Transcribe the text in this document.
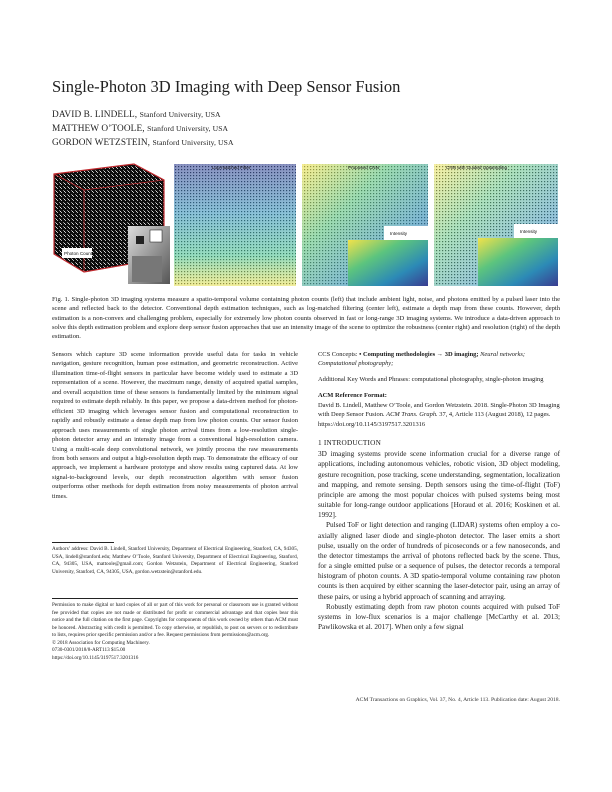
Single-Photon 3D Imaging with Deep Sensor Fusion
DAVID B. LINDELL, Stanford University, USA
MATTHEW O’TOOLE, Stanford University, USA
GORDON WETZSTEIN, Stanford University, USA
Photon Counts
Log-matched Filter
Intensity
Proposed CNN
Intensity
CNN with Guided Upsampling
Fig. 1. Single-photon 3D imaging systems measure a spatio-temporal volume containing photon counts (left) that include ambient light, noise, and photons emitted by a pulsed laser into the scene and reflected back to the detector. Conventional depth estimation techniques, such as log-matched filtering (center left), estimate a depth map from these counts. However, depth estimation is a non-convex and challenging problem, especially for extremely low photon counts observed in fast or long-range 3D imaging systems. We introduce a data-driven approach to solve this depth estimation problem and explore deep sensor fusion approaches that use an intensity image of the scene to optimize the robustness (center right) and resolution (right) of the depth estimation.
Sensors which capture 3D scene information provide useful data for tasks in vehicle navigation, gesture recognition, human pose estimation, and geometric reconstruction. Active illumination time-of-flight sensors in particular have become widely used to estimate a 3D representation of a scene. However, the maximum range, density of acquired spatial samples, and overall acquisition time of these sensors is fundamentally limited by the minimum signal required to estimate depth reliably. In this paper, we propose a data-driven method for photon-efficient 3D imaging which leverages sensor fusion and computational reconstruction to rapidly and robustly estimate a dense depth map from low photon counts. Our sensor fusion approach uses measurements of single photon arrival times from a low-resolution single-photon detector array and an intensity image from a conventional high-resolution camera. Using a multi-scale deep convolutional network, we jointly process the raw measurements from both sensors and output a high-resolution depth map. To demonstrate the efficacy of our approach, we implement a hardware prototype and show results using captured data. At low signal-to-background levels, our depth reconstruction algorithm with sensor fusion outperforms other methods for depth estimation from noisy measurements of photon arrival times.
Authors’ address: David B. Lindell, Stanford University, Department of Electrical Engineering, Stanford, CA, 94305, USA, lindell@stanford.edu; Matthew O’Toole, Stanford University, Department of Electrical Engineering, Stanford, CA, 94305, USA, mattoole@gmail.com; Gordon Wetzstein, Department of Electrical Engineering, Stanford University, Stanford, CA, 94305, USA, gordon.wetzstein@stanford.edu.
Permission to make digital or hard copies of all or part of this work for personal or classroom use is granted without fee provided that copies are not made or distributed for profit or commercial advantage and that copies bear this notice and the full citation on the first page. Copyrights for components of this work owned by others than ACM must be honored. Abstracting with credit is permitted. To copy otherwise, or republish, to post on servers or to redistribute to lists, requires prior specific permission and/or a fee. Request permissions from permissions@acm.org.
© 2018 Association for Computing Machinery.
0730-0301/2018/8-ART113 $15.00
https://doi.org/10.1145/3197517.3201316

CCS Concepts: • Computing methodologies → 3D imaging; Neural networks; Computational photography;

Additional Key Words and Phrases: computational photography, single-photon imaging

ACM Reference Format:

David B. Lindell, Matthew O’Toole, and Gordon Wetzstein. 2018. Single-Photon 3D Imaging with Deep Sensor Fusion. ACM Trans. Graph. 37, 4, Article 113 (August 2018), 12 pages. https://doi.org/10.1145/3197517.3201316

1 INTRODUCTION

3D imaging systems provide scene information crucial for a diverse range of applications, including autonomous vehicles, robotic vision, 3D object modeling, gesture recognition, pose tracking, scene understanding, segmentation, localization and mapping, and remote sensing. Depth sensors using the time-of-flight (ToF) principle are among the most popular choices with pulsed systems being most suitable for long-range outdoor applications [Horaud et al. 2016; Koskinen et al. 1992].

Pulsed ToF or light detection and ranging (LIDAR) systems often employ a co-axially aligned laser diode and single-photon detector. The laser emits a short pulse, usually on the order of hundreds of picoseconds or a few nanoseconds, and the detector timestamps the arrival of photons reflected back by the scene. Thus, for a single emitted pulse or a sequence of pulses, the detector records a temporal histogram of photon counts. A 3D spatio-temporal volume containing raw photon counts is then acquired by either scanning the laser-detector pair, using an array of these pairs, or using a hybrid approach of scanning and arraying.

Robustly estimating depth from raw photon counts acquired with pulsed ToF systems in low-flux scenarios is a major challenge [McCarthy et al. 2013; Pawlikowska et al. 2017]. When only a few signal

ACM Transactions on Graphics, Vol. 37, No. 4, Article 113. Publication date: August 2018.
